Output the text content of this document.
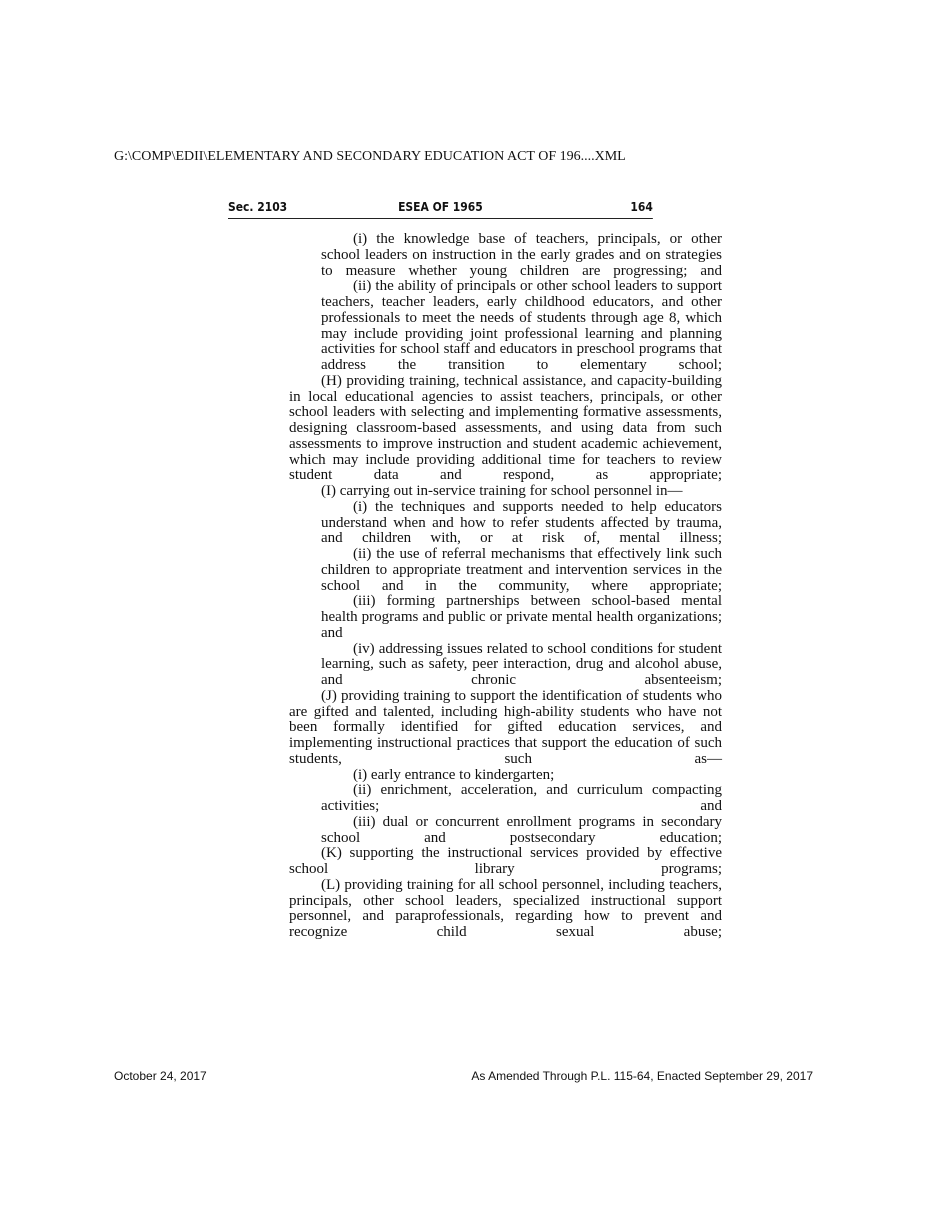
G:\COMP\EDII\ELEMENTARY AND SECONDARY EDUCATION ACT OF 196....XML
Sec. 2103	ESEA OF 1965	164

(i) the knowledge base of teachers, principals, or other school leaders on instruction in the early grades and on strategies to measure whether young children are progressing; and

(ii) the ability of principals or other school leaders to support teachers, teacher leaders, early childhood educators, and other professionals to meet the needs of students through age 8, which may include providing joint professional learning and planning activities for school staff and educators in preschool programs that address the transition to elementary school;

(H) providing training, technical assistance, and capacity-building in local educational agencies to assist teachers, principals, or other school leaders with selecting and implementing formative assessments, designing classroom-based assessments, and using data from such assessments to improve instruction and student academic achievement, which may include providing additional time for teachers to review student data and respond, as appropriate;

(I) carrying out in-service training for school personnel in—

(i) the techniques and supports needed to help educators understand when and how to refer students affected by trauma, and children with, or at risk of, mental illness;

(ii) the use of referral mechanisms that effectively link such children to appropriate treatment and intervention services in the school and in the community, where appropriate;

(iii) forming partnerships between school-based mental health programs and public or private mental health organizations; and

(iv) addressing issues related to school conditions for student learning, such as safety, peer interaction, drug and alcohol abuse, and chronic absenteeism;

(J) providing training to support the identification of students who are gifted and talented, including high-ability students who have not been formally identified for gifted education services, and implementing instructional practices that support the education of such students, such as—

(i) early entrance to kindergarten;

(ii) enrichment, acceleration, and curriculum compacting activities; and

(iii) dual or concurrent enrollment programs in secondary school and postsecondary education;

(K) supporting the instructional services provided by effective school library programs;

(L) providing training for all school personnel, including teachers, principals, other school leaders, specialized instructional support personnel, and paraprofessionals, regarding how to prevent and recognize child sexual abuse;

October 24, 2017	As Amended Through P.L. 115-64, Enacted September 29, 2017
